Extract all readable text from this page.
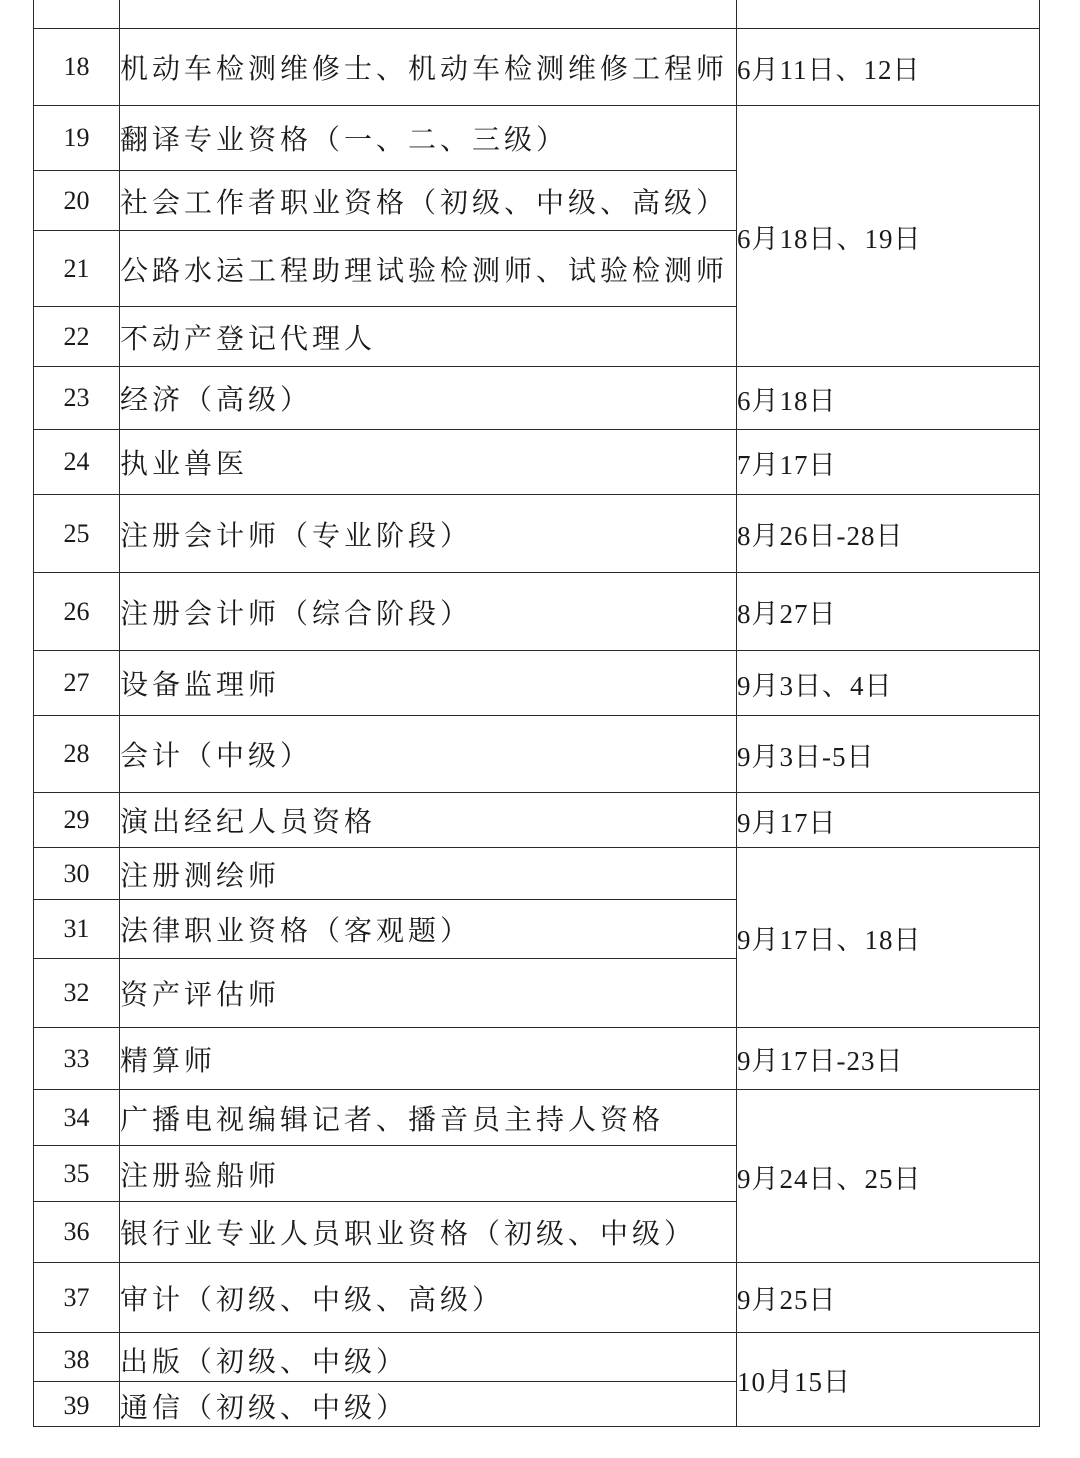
18	机动车检测维修士、机动车检测维修工程师	6月11日、12日
19	翻译专业资格（一、二、三级）	6月18日、19日
20	社会工作者职业资格（初级、中级、高级）	
21	公路水运工程助理试验检测师、试验检测师	
22	不动产登记代理人	
23	经济（高级）	6月18日
24	执业兽医	7月17日
25	注册会计师（专业阶段）	8月26日-28日
26	注册会计师（综合阶段）	8月27日
27	设备监理师	9月3日、4日
28	会计（中级）	9月3日-5日
29	演出经纪人员资格	9月17日
30	注册测绘师	9月17日、18日
31	法律职业资格（客观题）	
32	资产评估师	
33	精算师	9月17日-23日
34	广播电视编辑记者、播音员主持人资格	9月24日、25日
35	注册验船师	
36	银行业专业人员职业资格（初级、中级）	
37	审计（初级、中级、高级）	9月25日
38	出版（初级、中级）	10月15日
39	通信（初级、中级）	
